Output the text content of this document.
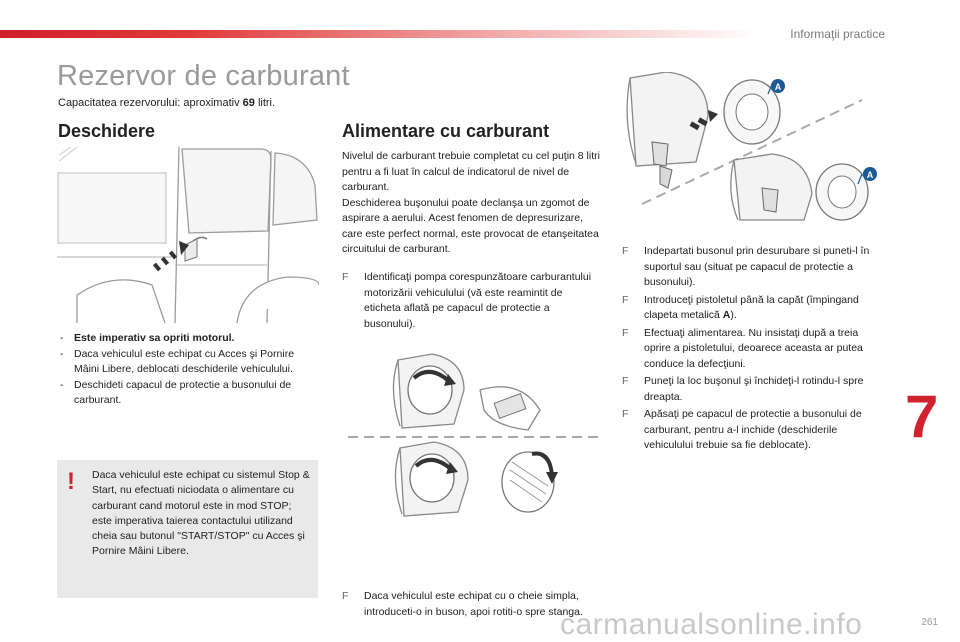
Informaţii practice
Rezervor de carburant
Capacitatea rezervorului: aproximativ 69 litri.
Deschidere
- Este imperativ sa opriti motorul.
- Daca vehiculul este echipat cu Acces şi Pornire Mâini Libere, deblocati deschiderile vehiculului.
- Deschideti capacul de protectie a busonului de carburant.
! Daca vehiculul este echipat cu sistemul Stop & Start, nu efectuati niciodata o alimentare cu carburant cand motorul este in mod STOP; este imperativa taierea contactului utilizand cheia sau butonul "START/STOP" cu Acces şi Pornire Mâini Libere.
Alimentare cu carburant
Nivelul de carburant trebuie completat cu cel puţin 8 litri pentru a fi luat în calcul de indicatorul de nivel de carburant.
Deschiderea buşonului poate declanşa un zgomot de aspirare a aerului. Acest fenomen de depresurizare, care este perfect normal, este provocat de etanşeitatea circuitului de carburant.
F Identificaţi pompa corespunzătoare carburantului motorizării vehiculului (vă este reamintit de eticheta aflată pe capacul de protectie a busonului).
F Daca vehiculul este echipat cu o cheie simpla, introduceti-o in buson, apoi rotiti-o spre stanga.
A
A
F Indepartati busonul prin desurubare si puneti-l în suportul sau (situat pe capacul de protectie a busonului).
F Introduceţi pistoletul până la capăt (împingand clapeta metalică A).
F Efectuaţi alimentarea. Nu insistaţi după a treia oprire a pistoletului, deoarece aceasta ar putea conduce la defecţiuni.
F Puneţi la loc buşonul şi închideţi-l rotindu-l spre dreapta.
F Apăsaţi pe capacul de protectie a busonului de carburant, pentru a-l inchide (deschiderile vehiculului trebuie sa fie deblocate).	7
carmanualsonline.info	261
